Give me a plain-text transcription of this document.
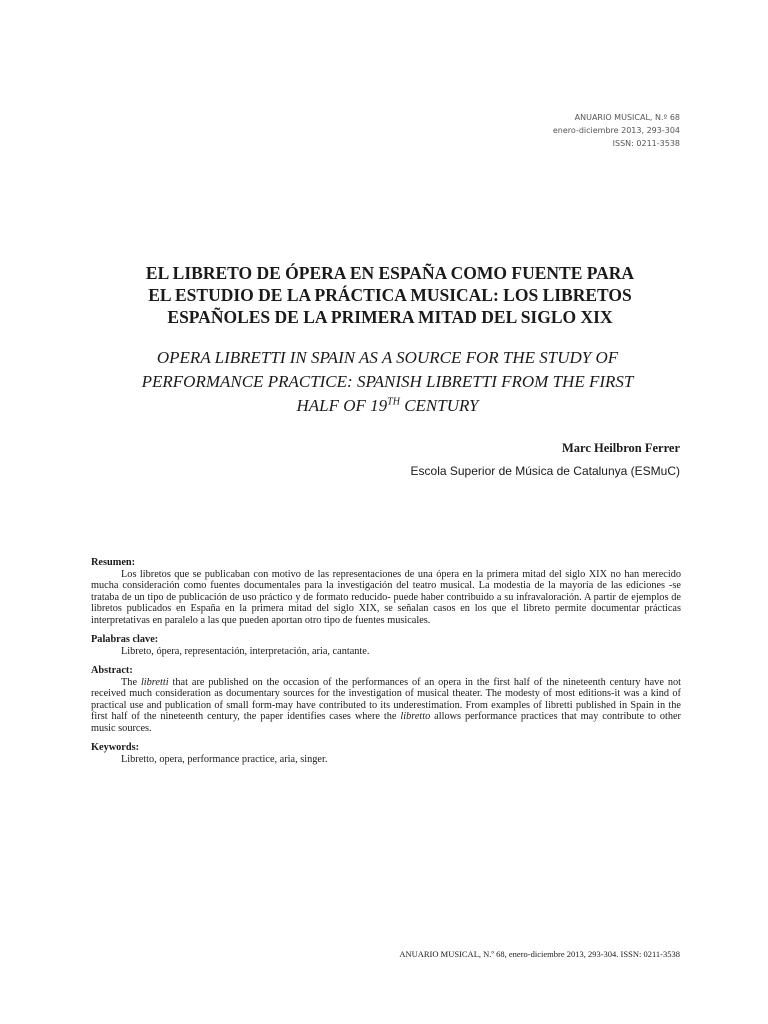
ANUARIO MUSICAL, N.º 68
enero-diciembre 2013, 293-304
ISSN: 0211-3538
EL LIBRETO DE ÓPERA EN ESPAÑA COMO FUENTE PARA
EL ESTUDIO DE LA PRÁCTICA MUSICAL: LOS LIBRETOS
ESPAÑOLES DE LA PRIMERA MITAD DEL SIGLO XIX
OPERA LIBRETTI IN SPAIN AS A SOURCE FOR THE STUDY OF
PERFORMANCE PRACTICE: SPANISH LIBRETTI FROM THE FIRST
HALF OF 19TH CENTURY
Marc Heilbron Ferrer
Escola Superior de Música de Catalunya (ESMuC)
Resumen:
Los libretos que se publicaban con motivo de las representaciones de una ópera en la primera mitad del siglo XIX no han merecido mucha consideración como fuentes documentales para la investigación del teatro musical. La modestia de la mayoría de las ediciones -se trataba de un tipo de publicación de uso práctico y de formato reducido- puede haber contribuido a su infravaloración. A partir de ejemplos de libretos publicados en España en la primera mitad del siglo XIX, se señalan casos en los que el libreto permite documentar prácticas interpretativas en paralelo a las que pueden aportan otro tipo de fuentes musicales.
Palabras clave:
Libreto, ópera, representación, interpretación, aria, cantante.
Abstract:
The libretti that are published on the occasion of the performances of an opera in the first half of the nineteenth century have not received much consideration as documentary sources for the investigation of musical theater. The modesty of most editions-it was a kind of practical use and publication of small form-may have contributed to its underestimation. From examples of libretti published in Spain in the first half of the nineteenth century, the paper identifies cases where the libretto allows performance practices that may contribute to other music sources.
Keywords:
Libretto, opera, performance practice, aria, singer.
ANUARIO MUSICAL, N.º 68, enero-diciembre 2013, 293-304. ISSN: 0211-3538
